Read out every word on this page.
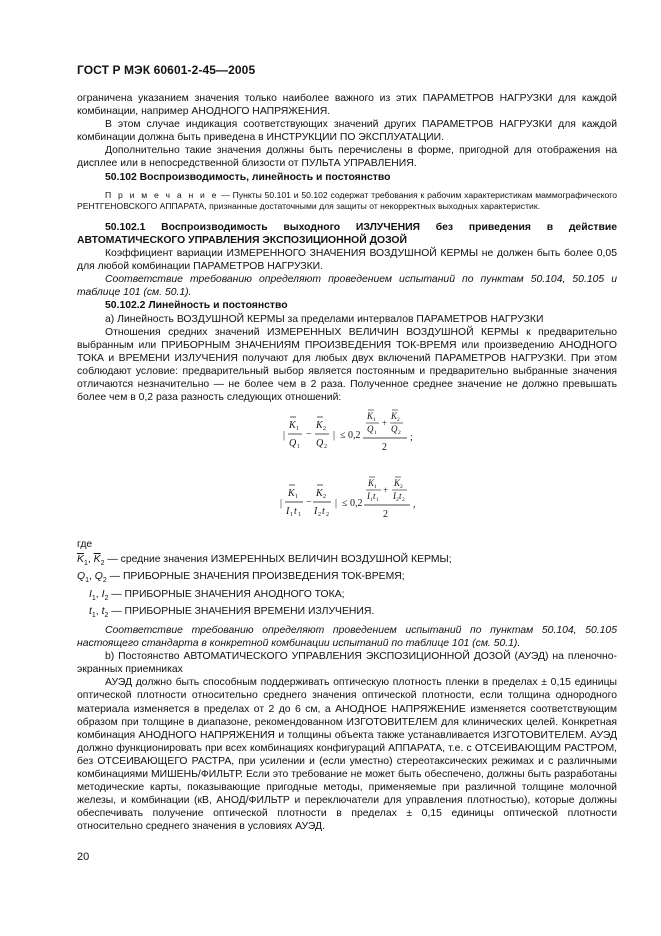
ГОСТ Р МЭК 60601-2-45—2005

ограничена указанием значения только наиболее важного из этих ПАРАМЕТРОВ НАГРУЗКИ для каждой комбинации, например АНОДНОГО НАПРЯЖЕНИЯ.

В этом случае индикация соответствующих значений других ПАРАМЕТРОВ НАГРУЗКИ для каждой комбинации должна быть приведена в ИНСТРУКЦИИ ПО ЭКСПЛУАТАЦИИ.

Дополнительно такие значения должны быть перечислены в форме, пригодной для отображения на дисплее или в непосредственной близости от ПУЛЬТА УПРАВЛЕНИЯ.

50.102 Воспроизводимость, линейность и постоянство

П р и м е ч а н и е — Пункты 50.101 и 50.102 содержат требования к рабочим характеристикам маммографического РЕНТГЕНОВСКОГО АППАРАТА, признанные достаточными для защиты от некорректных выходных характеристик.

50.102.1 Воспроизводимость выходного ИЗЛУЧЕНИЯ без приведения в действие АВТОМАТИЧЕСКОГО УПРАВЛЕНИЯ ЭКСПОЗИЦИОННОЙ ДОЗОЙ

Коэффициент вариации ИЗМЕРЕННОГО ЗНАЧЕНИЯ ВОЗДУШНОЙ КЕРМЫ не должен быть более 0,05 для любой комбинации ПАРАМЕТРОВ НАГРУЗКИ.

Соответствие требованию определяют проведением испытаний по пунктам 50.104, 50.105 и таблице 101 (см. 50.1).

50.102.2 Линейность и постоянство

а) Линейность ВОЗДУШНОЙ КЕРМЫ за пределами интервалов ПАРАМЕТРОВ НАГРУЗКИ

Отношения средних значений ИЗМЕРЕННЫХ ВЕЛИЧИН ВОЗДУШНОЙ КЕРМЫ к предварительно выбранным или ПРИБОРНЫМ ЗНАЧЕНИЯМ ПРОИЗВЕДЕНИЯ ТОК-ВРЕМЯ или произведению АНОДНОГО ТОКА и ВРЕМЕНИ ИЗЛУЧЕНИЯ получают для любых двух включений ПАРАМЕТРОВ НАГРУЗКИ. При этом соблюдают условие: предварительный выбор является постоянным и предварительно выбранные значения отличаются незначительно — не более чем в 2 раза. Полученное среднее значение не должно превышать более чем в 0,2 раза разность следующих отношений:

|
K 1
Q 1
−
K 2
Q 2
| ≤ 0,2
K 1
Q 1
+
K 2
Q 2
2
;
|
K 1
I 1 t 1
−
K 2
I 2 t 2
| ≤ 0,2
K 1
I 1 t 1
+
K 2
I 2 t 2
2
,

где

$\overline{K}_1$, $\overline{K}_2$ — средние значения ИЗМЕРЕННЫХ ВЕЛИЧИН ВОЗДУШНОЙ КЕРМЫ;

$Q_1$, $Q_2$ — ПРИБОРНЫЕ ЗНАЧЕНИЯ ПРОИЗВЕДЕНИЯ ТОК-ВРЕМЯ;

$I_1$, $I_2$ — ПРИБОРНЫЕ ЗНАЧЕНИЯ АНОДНОГО ТОКА;

$t_1$, $t_2$ — ПРИБОРНЫЕ ЗНАЧЕНИЯ ВРЕМЕНИ ИЗЛУЧЕНИЯ.

Соответствие требованию определяют проведением испытаний по пунктам 50.104, 50.105 настоящего стандарта в конкретной комбинации испытаний по таблице 101 (см. 50.1).

b) Постоянство АВТОМАТИЧЕСКОГО УПРАВЛЕНИЯ ЭКСПОЗИЦИОННОЙ ДОЗОЙ (АУЭД) на пленочно-экранных приемниках

АУЭД должно быть способным поддерживать оптическую плотность пленки в пределах ± 0,15 единицы оптической плотности относительно среднего значения оптической плотности, если толщина однородного материала изменяется в пределах от 2 до 6 см, а АНОДНОЕ НАПРЯЖЕНИЕ изменяется соответствующим образом при толщине в диапазоне, рекомендованном ИЗГОТОВИТЕЛЕМ для клинических целей. Конкретная комбинация АНОДНОГО НАПРЯЖЕНИЯ и толщины объекта также устанавливается ИЗГОТОВИТЕЛЕМ. АУЭД должно функционировать при всех комбинациях конфигураций АППАРАТА, т.е. с ОТСЕИВАЮЩИМ РАСТРОМ, без ОТСЕИВАЮЩЕГО РАСТРА, при усилении и (если уместно) стереотаксических режимах и с различными комбинациями МИШЕНЬ/ФИЛЬТР. Если это требование не может быть обеспечено, должны быть разработаны методические карты, показывающие пригодные методы, применяемые при различной толщине молочной железы, и комбинации (кВ, АНОД/ФИЛЬТР и переключатели для управления плотностью), которые должны обеспечивать получение оптической плотности в пределах ± 0,15 единицы оптической плотности относительно среднего значения в условиях АУЭД.

20
